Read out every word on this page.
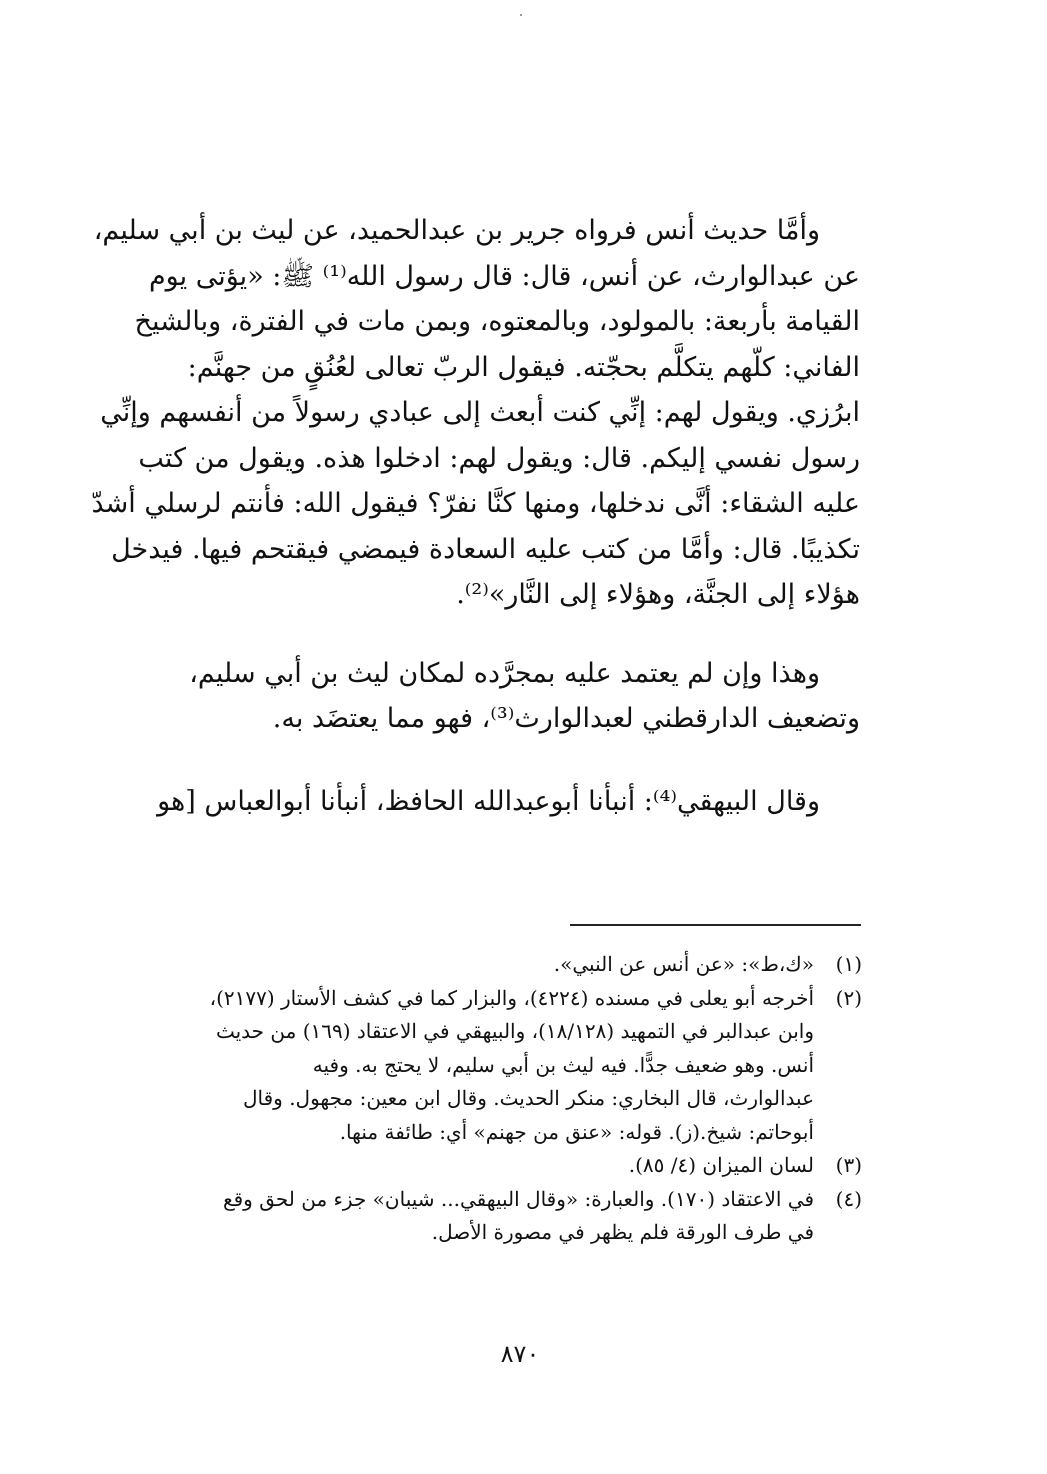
وأمَّا حديث أنس فرواه جرير بن عبدالحميد، عن ليث بن أبي سليم،

عن عبدالوارث، عن أنس، قال: قال رسول الله⁽¹⁾ ﷺ: «يؤتى يوم

القيامة بأربعة: بالمولود، وبالمعتوه، وبمن مات في الفترة، وبالشيخ

الفاني: كلّهم يتكلَّم بحجّته. فيقول الربّ تعالى لعُنُقٍ من جهنَّم:

ابرُزي. ويقول لهم: إنِّي كنت أبعث إلى عبادي رسولاً من أنفسهم وإنِّي

رسول نفسي إليكم. قال: ويقول لهم: ادخلوا هذه. ويقول من كتب

عليه الشقاء: أنَّى ندخلها، ومنها كنَّا نفرّ؟ فيقول الله: فأنتم لرسلي أشدّ

تكذيبًا. قال: وأمَّا من كتب عليه السعادة فيمضي فيقتحم فيها. فيدخل

هؤلاء إلى الجنَّة، وهؤلاء إلى النَّار»⁽²⁾.

وهذا وإن لم يعتمد عليه بمجرَّده لمكان ليث بن أبي سليم،

وتضعيف الدارقطني لعبدالوارث⁽³⁾، فهو مما يعتضَد به.

وقال البيهقي⁽⁴⁾: أنبأنا أبوعبدالله الحافظ، أنبأنا أبوالعباس [هو

(١)

«ك،ط»: «عن أنس عن النبي».

(٢)

أخرجه أبو يعلى في مسنده (٤٢٢٤)، والبزار كما في كشف الأستار (٢١٧٧)،

وابن عبدالبر في التمهيد (١٨/١٢٨)، والبيهقي في الاعتقاد (١٦٩) من حديث

أنس. وهو ضعيف جدًّا. فيه ليث بن أبي سليم، لا يحتج به. وفيه

عبدالوارث، قال البخاري: منكر الحديث. وقال ابن معين: مجهول. وقال

أبوحاتم: شيخ.(ز). قوله: «عنق من جهنم» أي: طائفة منها.

(٣)

لسان الميزان (٤/ ٨٥).

(٤)

في الاعتقاد (١٧٠). والعبارة: «وقال البيهقي... شيبان» جزء من لحق وقع

في طرف الورقة فلم يظهر في مصورة الأصل.

٨٧٠
